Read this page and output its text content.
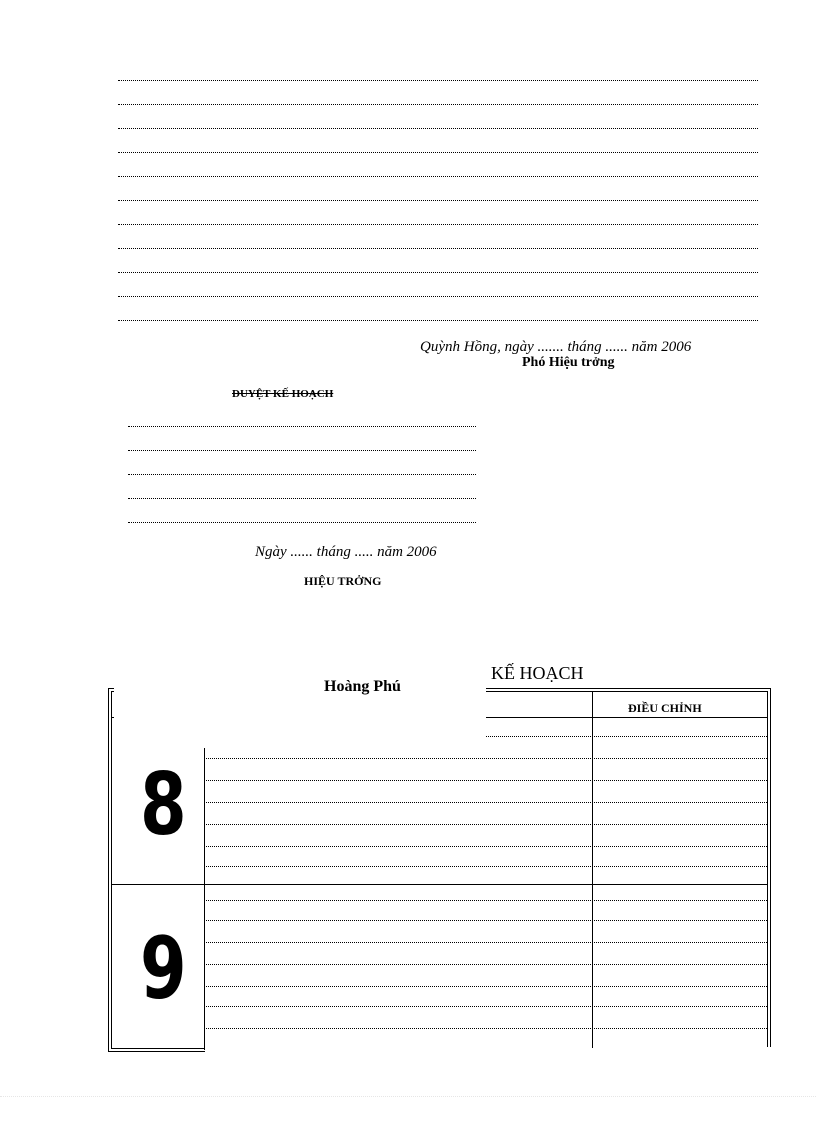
Quỳnh Hồng, ngày ....... tháng ...... năm 2006
Phó Hiệu trởng
DUYỆT KẾ HOẠCH
Ngày ...... tháng ..... năm 2006
HIỆU TRỞNG
KẾ HOẠCH
ĐIỀU CHỈNH
8
9
Hoàng Phú
